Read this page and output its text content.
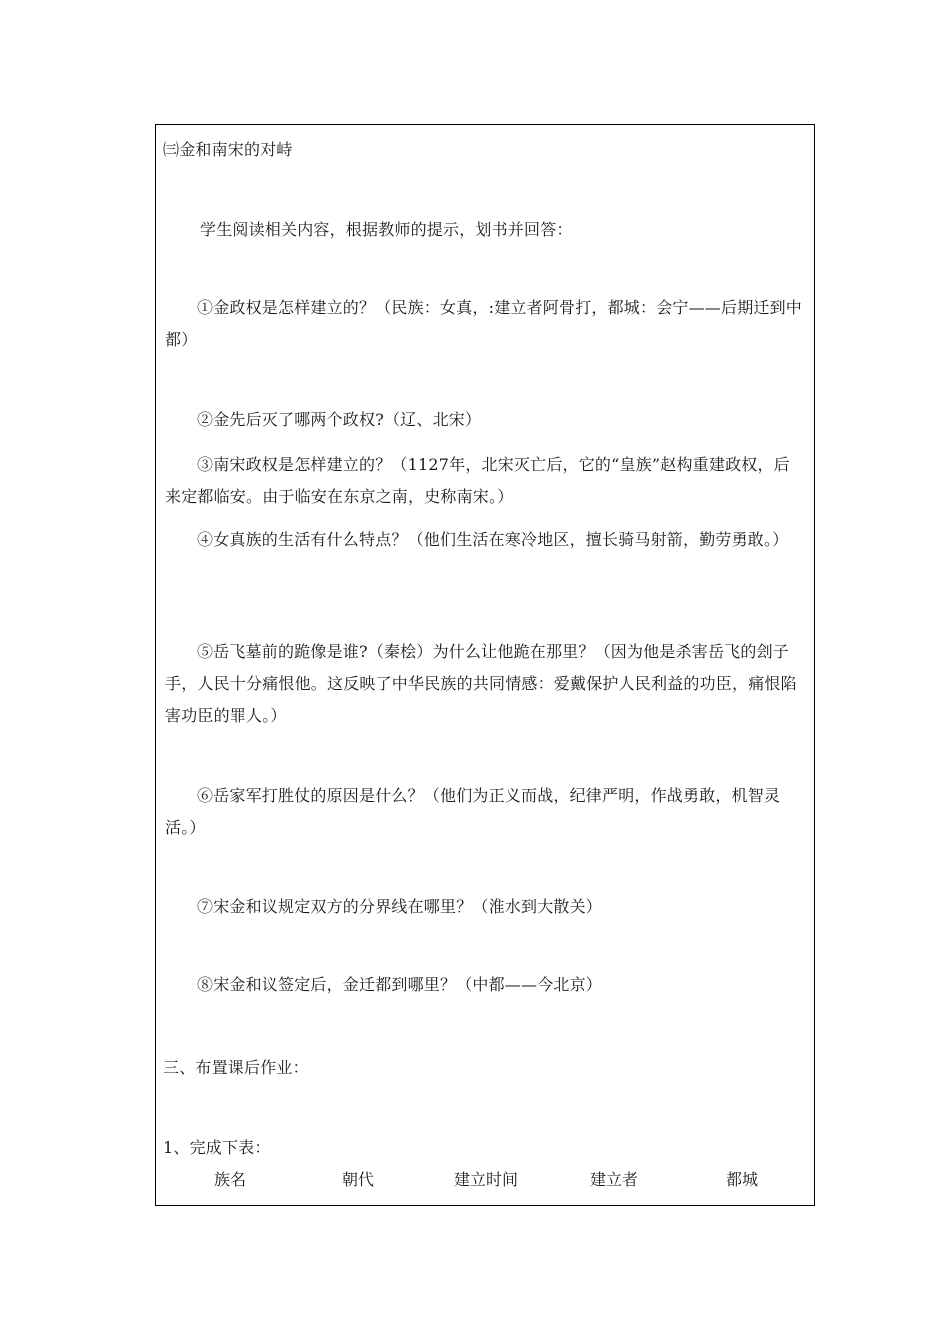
㈢金和南宋的对峙
学生阅读相关内容，根据教师的提示，划书并回答：
①金政权是怎样建立的？（民族：女真，:建立者阿骨打，都城：会宁——后期迁到中都）
②金先后灭了哪两个政权?（辽、北宋）
③南宋政权是怎样建立的？（1127年，北宋灭亡后，它的“皇族”赵构重建政权，后来定都临安。由于临安在东京之南，史称南宋。）
④女真族的生活有什么特点？（他们生活在寒冷地区，擅长骑马射箭，勤劳勇敢。）
⑤岳飞墓前的跪像是谁?（秦桧）为什么让他跪在那里？（因为他是杀害岳飞的刽子手，人民十分痛恨他。这反映了中华民族的共同情感：爱戴保护人民利益的功臣，痛恨陷害功臣的罪人。）
⑥岳家军打胜仗的原因是什么？（他们为正义而战，纪律严明，作战勇敢，机智灵活。）
⑦宋金和议规定双方的分界线在哪里？（淮水到大散关）
⑧宋金和议签定后，金迁都到哪里？（中都——今北京）
三、布置课后作业：
1、完成下表：
族名	朝代	建立时间	建立者	都城
